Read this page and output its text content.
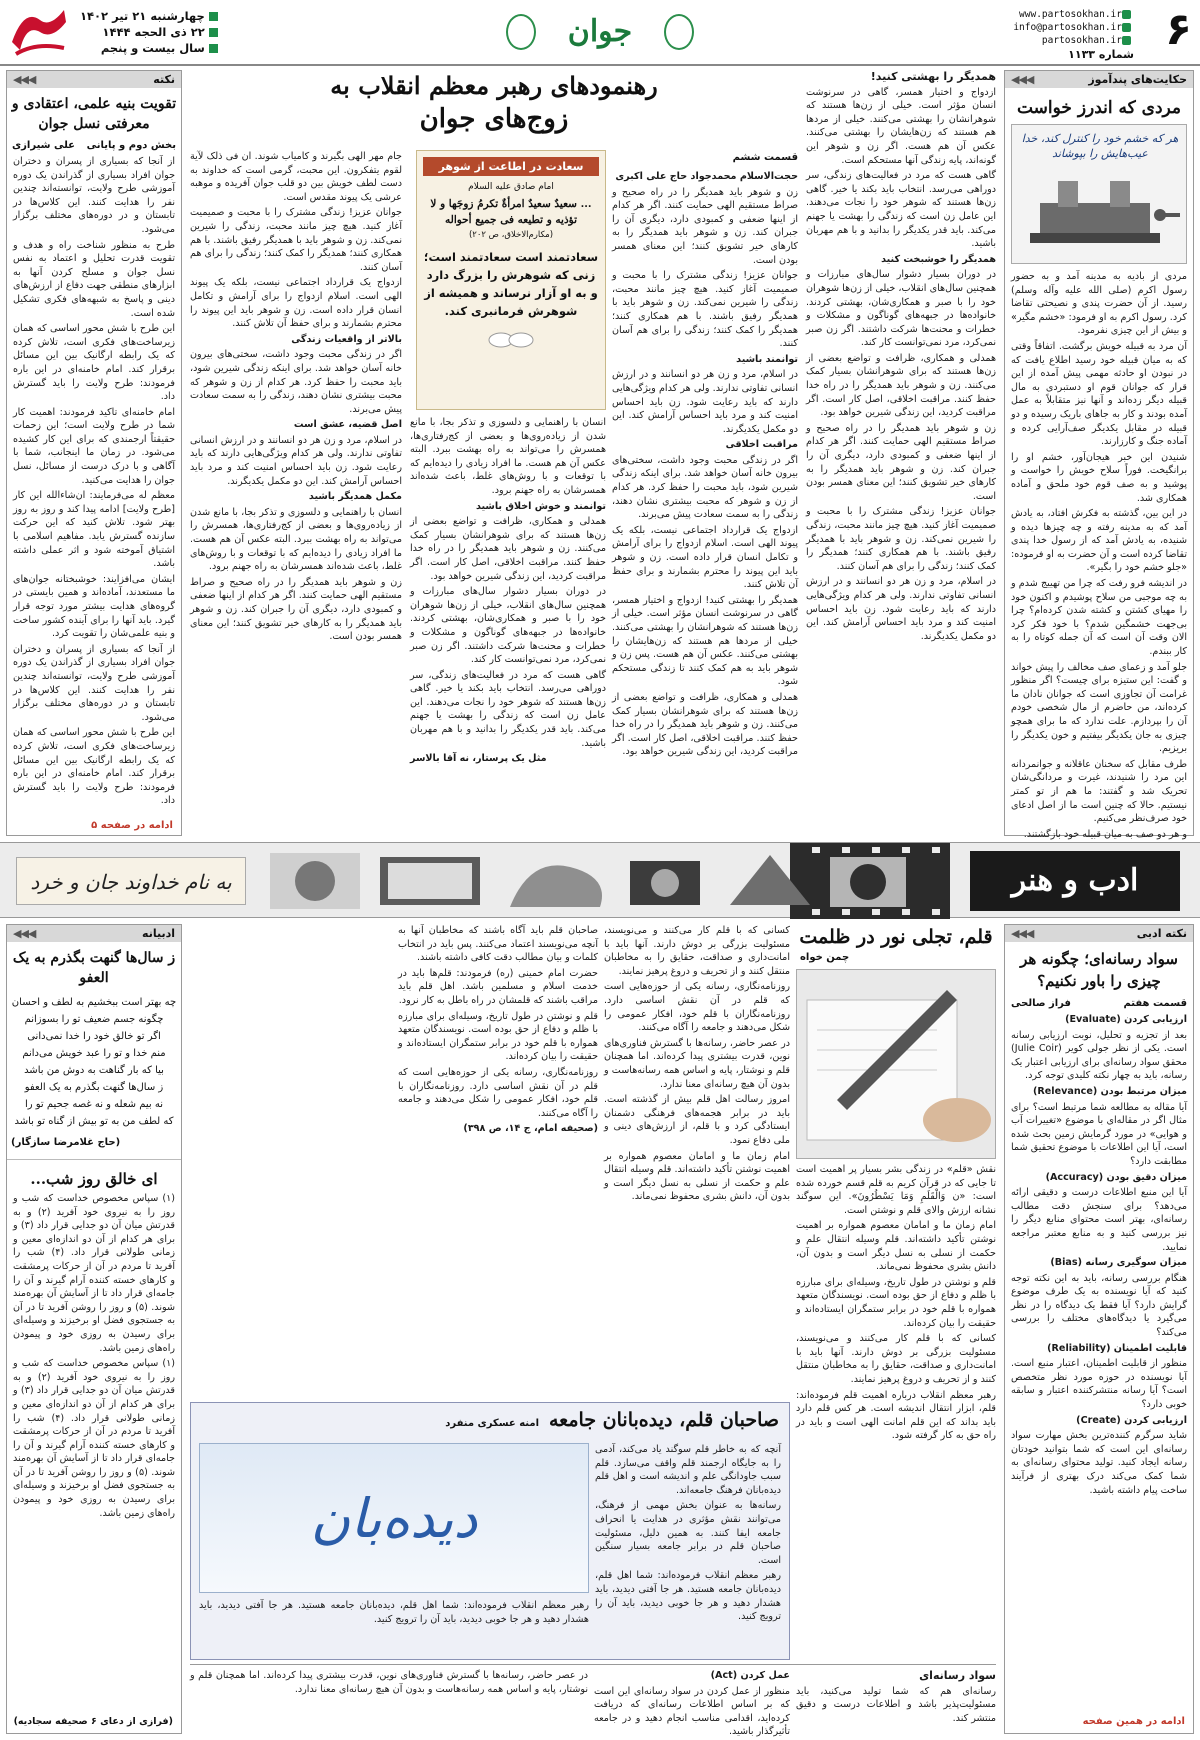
۶
www.partosokhan.ir
info@partosokhan.ir
partosokhan.ir
شماره ۱۱۳۳
جوان
چهارشنبه ۲۱ تیر ۱۴۰۲
۲۲ ذی الحجه ۱۴۴۴
سال بیست و پنجم
حکایت‌های پندآموز
◀◀◀
مردی که اندرز خواست
هر که خشم خود را کنترل کند، خدا عیب‌هایش را بپوشاند

مردی از بادیه به مدینه آمد و به حضور رسول اکرم (صلی الله علیه وآله وسلم) رسید. از آن حضرت پندی و نصیحتی تقاضا کرد. رسول اکرم به او فرمود: «خشم مگیر» و بیش از این چیزی نفرمود.

آن مرد به قبیله خویش برگشت. اتفاقاً وقتی که به میان قبیله خود رسید اطلاع یافت که در نبودن او حادثه مهمی پیش آمده از این قرار که جوانان قوم او دستبردی به مال قبیله دیگر زده‌اند و آنها نیز متقابلاً به عمل آمده بودند و کار به جاهای باریک رسیده و دو قبیله در مقابل یکدیگر صف‌آرایی کرده و آماده جنگ و کارزارند.

شنیدن این خبر هیجان‌آور، خشم او را برانگیخت. فوراً سلاح خویش را خواست و پوشید و به صف قوم خود ملحق و آماده همکاری شد.

در این بین، گذشته به فکرش افتاد، به یادش آمد که به مدینه رفته و چه چیزها دیده و شنیده، به یادش آمد که از رسول خدا پندی تقاضا کرده است و آن حضرت به او فرموده: «جلو خشم خود را بگیر».

در اندیشه فرو رفت که چرا من تهییج شدم و به چه موجبی من سلاح پوشیدم و اکنون خود را مهیای کشتن و کشته شدن کرده‌ام؟ چرا بی‌جهت خشمگین شدم؟ با خود فکر کرد الان وقت آن است که آن جمله کوتاه را به کار ببندم.

جلو آمد و زعمای صف مخالف را پیش خواند و گفت: این ستیزه برای چیست؟ اگر منظور غرامت آن تجاوزی است که جوانان نادان ما کرده‌اند، من حاضرم از مال شخصی خودم آن را بپردازم. علت ندارد که ما برای همچو چیزی به جان یکدیگر بیفتیم و خون یکدیگر را بریزیم.

طرف مقابل که سخنان عاقلانه و جوانمردانه این مرد را شنیدند، غیرت و مردانگی‌شان تحریک شد و گفتند: ما هم از تو کمتر نیستیم. حالا که چنین است ما از اصل ادعای خود صرف‌نظر می‌کنیم.

و هر دو صف به میان قبیله خود بازگشتند.

همدیگر را بهشتی کنید!

ازدواج و اختیار همسر، گاهی در سرنوشت انسان مؤثر است. خیلی از زن‌ها هستند که شوهرانشان را بهشتی می‌کنند. خیلی از مردها هم هستند که زن‌هایشان را بهشتی می‌کنند. عکس آن هم هست. اگر زن و شوهر این گونه‌اند، پایه زندگی آنها مستحکم است.

گاهی هست که مرد در فعالیت‌های زندگی، سر دوراهی می‌رسد. انتخاب باید بکند یا خیر. گاهی زن‌ها هستند که شوهر خود را نجات می‌دهند. این عامل زن است که زندگی را بهشت یا جهنم می‌کند. باید قدر یکدیگر را بدانید و با هم مهربان باشید.

همدیگر را خوشبخت کنید

در دوران بسیار دشوار سال‌های مبارزات و همچنین سال‌های انقلاب، خیلی از زن‌ها شوهران خود را با صبر و همکاری‌شان، بهشتی کردند. خانواده‌ها در جبهه‌های گوناگون و مشکلات و خطرات و محنت‌ها شرکت داشتند. اگر زن صبر نمی‌کرد، مرد نمی‌توانست کار کند.

همدلی و همکاری، ظرافت و تواضع بعضی از زن‌ها هستند که برای شوهرانشان بسیار کمک می‌کنند. زن و شوهر باید همدیگر را در راه خدا حفظ کنند. مراقبت اخلاقی، اصل کار است. اگر مراقبت کردید، این زندگی شیرین خواهد بود.

زن و شوهر باید همدیگر را در راه صحیح و صراط مستقیم الهی حمایت کنند. اگر هر کدام از اینها ضعفی و کمبودی دارد، دیگری آن را جبران کند. زن و شوهر باید همدیگر را به کارهای خیر تشویق کنند؛ این معنای همسر بودن است.

جوانان عزیز! زندگی مشترک را با محبت و صمیمیت آغاز کنید. هیچ چیز مانند محبت، زندگی را شیرین نمی‌کند. زن و شوهر باید با همدیگر رفیق باشند. با هم همکاری کنند؛ همدیگر را کمک کنند؛ زندگی را برای هم آسان کنند.

در اسلام، مرد و زن هر دو انسانند و در ارزش انسانی تفاوتی ندارند. ولی هر کدام ویژگی‌هایی دارند که باید رعایت شود. زن باید احساس امنیت کند و مرد باید احساس آرامش کند. این دو مکمل یکدیگرند.

رهنمودهای رهبر معظم انقلاب به
زوج‌های جوان
قسمت ششم
سعادت در اطاعت از شوهر
امام صادق علیه السلام
... سعیدٌ سعیدٌ امرأةٌ تکرمُ زوجَها و لا تؤذیه و تطیعه فی جمیع أحواله
(مکارم‌الاخلاق، ص ۲۰۲)
سعادتمند است سعادتمند است؛ زنی که شوهرش را بزرگ دارد و به او آزار نرساند و همیشه از شوهرش فرمانبری کند.

حجت‌الاسلام محمدجواد حاج علی اکبری

زن و شوهر باید همدیگر را در راه صحیح و صراط مستقیم الهی حمایت کنند. اگر هر کدام از اینها ضعفی و کمبودی دارد، دیگری آن را جبران کند. زن و شوهر باید همدیگر را به کارهای خیر تشویق کنند؛ این معنای همسر بودن است.

جوانان عزیز! زندگی مشترک را با محبت و صمیمیت آغاز کنید. هیچ چیز مانند محبت، زندگی را شیرین نمی‌کند. زن و شوهر باید با همدیگر رفیق باشند. با هم همکاری کنند؛ همدیگر را کمک کنند؛ زندگی را برای هم آسان کنند.

توانمند باشید

در اسلام، مرد و زن هر دو انسانند و در ارزش انسانی تفاوتی ندارند. ولی هر کدام ویژگی‌هایی دارند که باید رعایت شود. زن باید احساس امنیت کند و مرد باید احساس آرامش کند. این دو مکمل یکدیگرند.

مراقبت اخلاقی

اگر در زندگی محبت وجود داشت، سختی‌های بیرون خانه آسان خواهد شد. برای اینکه زندگی شیرین شود، باید محبت را حفظ کرد. هر کدام از زن و شوهر که محبت بیشتری نشان دهند، زندگی را به سمت سعادت پیش می‌برند.

ازدواج یک قرارداد اجتماعی نیست، بلکه یک پیوند الهی است. اسلام ازدواج را برای آرامش و تکامل انسان قرار داده است. زن و شوهر باید این پیوند را محترم بشمارند و برای حفظ آن تلاش کنند.

همدیگر را بهشتی کنید! ازدواج و اختیار همسر، گاهی در سرنوشت انسان مؤثر است. خیلی از زن‌ها هستند که شوهرانشان را بهشتی می‌کنند. خیلی از مردها هم هستند که زن‌هایشان را بهشتی می‌کنند. عکس آن هم هست. پس زن و شوهر باید به هم کمک کنند تا زندگی مستحکم شود.

همدلی و همکاری، ظرافت و تواضع بعضی از زن‌ها هستند که برای شوهرانشان بسیار کمک می‌کنند. زن و شوهر باید همدیگر را در راه خدا حفظ کنند. مراقبت اخلاقی، اصل کار است. اگر مراقبت کردید، این زندگی شیرین خواهد بود.

انسان با راهنمایی و دلسوزی و تذکر بجا، با مانع شدن از زیاده‌روی‌ها و بعضی از کج‌رفتاری‌ها، همسرش را می‌تواند به راه بهشت ببرد. البته عکس آن هم هست. ما افراد زیادی را دیده‌ایم که با توقعات و با روش‌های غلط، باعث شده‌اند همسرشان به راه جهنم برود.

توانمند و خوش اخلاق باشید

همدلی و همکاری، ظرافت و تواضع بعضی از زن‌ها هستند که برای شوهرانشان بسیار کمک می‌کنند. زن و شوهر باید همدیگر را در راه خدا حفظ کنند. مراقبت اخلاقی، اصل کار است. اگر مراقبت کردید، این زندگی شیرین خواهد بود.

در دوران بسیار دشوار سال‌های مبارزات و همچنین سال‌های انقلاب، خیلی از زن‌ها شوهران خود را با صبر و همکاری‌شان، بهشتی کردند. خانواده‌ها در جبهه‌های گوناگون و مشکلات و خطرات و محنت‌ها شرکت داشتند. اگر زن صبر نمی‌کرد، مرد نمی‌توانست کار کند.

گاهی هست که مرد در فعالیت‌های زندگی، سر دوراهی می‌رسد. انتخاب باید بکند یا خیر. گاهی زن‌ها هستند که شوهر خود را نجات می‌دهند. این عامل زن است که زندگی را بهشت یا جهنم می‌کند. باید قدر یکدیگر را بدانید و با هم مهربان باشید.

مثل یک پرستار، نه آقا بالاسر

جام مهر الهی بگیرند و کامیاب شوند. ان فی ذلک لآیة لقوم یتفکرون. این محبت، گرمی است که خداوند به دست لطف خویش بین دو قلب جوان آفریده و موهبه عرشی یک پیوند مقدس است.

جوانان عزیز! زندگی مشترک را با محبت و صمیمیت آغاز کنید. هیچ چیز مانند محبت، زندگی را شیرین نمی‌کند. زن و شوهر باید با همدیگر رفیق باشند. با هم همکاری کنند؛ همدیگر را کمک کنند؛ زندگی را برای هم آسان کنند.

ازدواج یک قرارداد اجتماعی نیست، بلکه یک پیوند الهی است. اسلام ازدواج را برای آرامش و تکامل انسان قرار داده است. زن و شوهر باید این پیوند را محترم بشمارند و برای حفظ آن تلاش کنند.

بالاتر از واقعیات زندگی

اگر در زندگی محبت وجود داشت، سختی‌های بیرون خانه آسان خواهد شد. برای اینکه زندگی شیرین شود، باید محبت را حفظ کرد. هر کدام از زن و شوهر که محبت بیشتری نشان دهند، زندگی را به سمت سعادت پیش می‌برند.

اصل قضیه، عشق است

در اسلام، مرد و زن هر دو انسانند و در ارزش انسانی تفاوتی ندارند. ولی هر کدام ویژگی‌هایی دارند که باید رعایت شود. زن باید احساس امنیت کند و مرد باید احساس آرامش کند. این دو مکمل یکدیگرند.

مکمل همدیگر باشید

انسان با راهنمایی و دلسوزی و تذکر بجا، با مانع شدن از زیاده‌روی‌ها و بعضی از کج‌رفتاری‌ها، همسرش را می‌تواند به راه بهشت ببرد. البته عکس آن هم هست. ما افراد زیادی را دیده‌ایم که با توقعات و با روش‌های غلط، باعث شده‌اند همسرشان به راه جهنم برود.

زن و شوهر باید همدیگر را در راه صحیح و صراط مستقیم الهی حمایت کنند. اگر هر کدام از اینها ضعفی و کمبودی دارد، دیگری آن را جبران کند. زن و شوهر باید همدیگر را به کارهای خیر تشویق کنند؛ این معنای همسر بودن است.

نکته
◀◀◀
تقویت بنیه علمی، اعتقادی و معرفتی نسل جوان
بخش دوم و پایانی
علی شیرازی

از آنجا که بسیاری از پسران و دختران جوان افراد بسیاری از گذراندن یک دوره آموزشی طرح ولایت، توانسته‌اند چندین نفر را هدایت کنند. این کلاس‌ها در تابستان و در دوره‌های مختلف برگزار می‌شود.

طرح به منظور شناخت راه و هدف و تقویت قدرت تحلیل و اعتماد به نفس نسل جوان و مسلح کردن آنها به ابزارهای منطقی جهت دفاع از ارزش‌های دینی و پاسخ به شبهه‌های فکری تشکیل شده است.

این طرح با شش محور اساسی که همان زیرساخت‌های فکری است، تلاش کرده که یک رابطه ارگانیک بین این مسائل برقرار کند. امام خامنه‌ای در این باره فرمودند: طرح ولایت را باید گسترش داد.

امام خامنه‌ای تاکید فرمودند: اهمیت کار شما در طرح ولایت است؛ این زحمات حقیقتاً ارجمندی که برای این کار کشیده می‌شود. در زمان ما اینجانب، شما با آگاهی و با درک درست از مسائل، نسل جوان را هدایت می‌کنید.

معظم له می‌فرمایند: ان‌شاءالله این کار [طرح ولایت] ادامه پیدا کند و روز به روز بهتر شود. تلاش کنید که این حرکت سازنده گسترش یابد. مفاهیم اسلامی با اشتیاق آموخته شود و اثر عملی داشته باشد.

ایشان می‌افزایند: خوشبختانه جوان‌های ما مستعدند، آماده‌اند و همین بایستی در گروه‌های هدایت بیشتر مورد توجه قرار گیرد. باید آنها را برای آینده کشور ساخت و بنیه علمی‌شان را تقویت کرد.

از آنجا که بسیاری از پسران و دختران جوان افراد بسیاری از گذراندن یک دوره آموزشی طرح ولایت، توانسته‌اند چندین نفر را هدایت کنند. این کلاس‌ها در تابستان و در دوره‌های مختلف برگزار می‌شود.

این طرح با شش محور اساسی که همان زیرساخت‌های فکری است، تلاش کرده که یک رابطه ارگانیک بین این مسائل برقرار کند. امام خامنه‌ای در این باره فرمودند: طرح ولایت را باید گسترش داد.

ادامه در صفحه ۵
ادب و هنر
به نام خداوند جان و خرد
نکته ادبی
◀◀◀
سواد رسانه‌ای؛ چگونه هر چیزی را باور نکنیم؟
قسمت هفتم
فراز صالحی

ارزیابی کردن (Evaluate)

بعد از تجزیه و تحلیل، نوبت ارزیابی رسانه است. یکی از نظر جولی کویر (Julie Coir) محقق سواد رسانه‌ای برای ارزیابی اعتبار یک رسانه، باید به چهار نکته کلیدی توجه کرد.

میزان مرتبط بودن (Relevance)

آیا مقاله به مطالعه شما مرتبط است؟ برای مثال اگر در مقاله‌ای با موضوع «تغییرات آب و هوایی» در مورد گرمایش زمین بحث شده است، آیا این اطلاعات با موضوع تحقیق شما مطابقت دارد؟

میزان دقیق بودن (Accuracy)

آیا این منبع اطلاعات درست و دقیقی ارائه می‌دهد؟ برای سنجش دقت مطالب رسانه‌ای، بهتر است محتوای منابع دیگر را نیز بررسی کنید و به منابع معتبر مراجعه نمایید.

میزان سوگیری رسانه (Bias)

هنگام بررسی رسانه، باید به این نکته توجه کنید که آیا نویسنده به یک طرف موضوع گرایش دارد؟ آیا فقط یک دیدگاه را در نظر می‌گیرد یا دیدگاه‌های مختلف را بررسی می‌کند؟

قابلیت اطمینان (Reliability)

منظور از قابلیت اطمینان، اعتبار منبع است. آیا نویسنده در حوزه مورد نظر متخصص است؟ آیا رسانه منتشرکننده اعتبار و سابقه خوبی دارد؟

ارزیابی کردن (Create)

شاید سرگرم کننده‌ترین بخش مهارت سواد رسانه‌ای این است که شما بتوانید خودتان رسانه ایجاد کنید. تولید محتوای رسانه‌ای به شما کمک می‌کند درک بهتری از فرآیند ساخت پیام داشته باشید.

ادامه در همین صفحه
قلم، تجلی نور در ظلمت
چمن خواه

نقش «قلم» در زندگی بشر بسیار پر اهمیت است تا جایی که در قرآن کریم به قلم قسم خورده شده است: «ن وَالْقَلَمِ وَمَا يَسْطُرُونَ». این سوگند نشانه ارزش والای قلم و نوشتن است.

امام زمان ما و امامان معصوم همواره بر اهمیت نوشتن تأکید داشته‌اند. قلم وسیله انتقال علم و حکمت از نسلی به نسل دیگر است و بدون آن، دانش بشری محفوظ نمی‌ماند.

قلم و نوشتن در طول تاریخ، وسیله‌ای برای مبارزه با ظلم و دفاع از حق بوده است. نویسندگان متعهد همواره با قلم خود در برابر ستمگران ایستاده‌اند و حقیقت را بیان کرده‌اند.

کسانی که با قلم کار می‌کنند و می‌نویسند، مسئولیت بزرگی بر دوش دارند. آنها باید با امانت‌داری و صداقت، حقایق را به مخاطبان منتقل کنند و از تحریف و دروغ پرهیز نمایند.

رهبر معظم انقلاب درباره اهمیت قلم فرموده‌اند: قلم، ابزار انتقال اندیشه است. هر کس قلم دارد باید بداند که این قلم امانت الهی است و باید در راه حق به کار گرفته شود.

کسانی که با قلم کار می‌کنند و می‌نویسند، مسئولیت بزرگی بر دوش دارند. آنها باید با امانت‌داری و صداقت، حقایق را به مخاطبان منتقل کنند و از تحریف و دروغ پرهیز نمایند.

روزنامه‌نگاری، رسانه یکی از حوزه‌هایی است که قلم در آن نقش اساسی دارد. روزنامه‌نگاران با قلم خود، افکار عمومی را شکل می‌دهند و جامعه را آگاه می‌کنند.

در عصر حاضر، رسانه‌ها با گسترش فناوری‌های نوین، قدرت بیشتری پیدا کرده‌اند. اما همچنان قلم و نوشتار، پایه و اساس همه رسانه‌هاست و بدون آن هیچ رسانه‌ای معنا ندارد.

امروز رسالت اهل قلم بیش از گذشته است. باید در برابر هجمه‌های فرهنگی دشمنان ایستادگی کرد و با قلم، از ارزش‌های دینی و ملی دفاع نمود.

امام زمان ما و امامان معصوم همواره بر اهمیت نوشتن تأکید داشته‌اند. قلم وسیله انتقال علم و حکمت از نسلی به نسل دیگر است و بدون آن، دانش بشری محفوظ نمی‌ماند.

صاحبان قلم باید آگاه باشند که مخاطبان آنها به آنچه می‌نویسند اعتماد می‌کنند. پس باید در انتخاب کلمات و بیان مطالب دقت کافی داشته باشند.

حضرت امام خمینی (ره) فرمودند: قلم‌ها باید در خدمت اسلام و مسلمین باشد. اهل قلم باید مراقب باشند که قلمشان در راه باطل به کار نرود.

قلم و نوشتن در طول تاریخ، وسیله‌ای برای مبارزه با ظلم و دفاع از حق بوده است. نویسندگان متعهد همواره با قلم خود در برابر ستمگران ایستاده‌اند و حقیقت را بیان کرده‌اند.

روزنامه‌نگاری، رسانه یکی از حوزه‌هایی است که قلم در آن نقش اساسی دارد. روزنامه‌نگاران با قلم خود، افکار عمومی را شکل می‌دهند و جامعه را آگاه می‌کنند.

(صحیفه امام، ج ۱۴، ص ۳۹۸)

صاحبان قلم، دیده‌بانان جامعه
امنه عسکری منفرد

آنچه که به خاطر قلم سوگند یاد می‌کند، آدمی را به جایگاه ارجمند قلم واقف می‌سازد. قلم سبب جاودانگی علم و اندیشه است و اهل قلم دیده‌بانان فرهنگ جامعه‌اند.

رسانه‌ها به عنوان بخش مهمی از فرهنگ، می‌توانند نقش مؤثری در هدایت یا انحراف جامعه ایفا کنند. به همین دلیل، مسئولیت صاحبان قلم در برابر جامعه بسیار سنگین است.

رهبر معظم انقلاب فرموده‌اند: شما اهل قلم، دیده‌بانان جامعه هستید. هر جا آفتی دیدید، باید هشدار دهید و هر جا خوبی دیدید، باید آن را ترویج کنید.

دیده‌بان

رهبر معظم انقلاب فرموده‌اند: شما اهل قلم، دیده‌بانان جامعه هستید. هر جا آفتی دیدید، باید هشدار دهید و هر جا خوبی دیدید، باید آن را ترویج کنید.

سواد رسانه‌ای

رسانه‌ای هم که شما تولید می‌کنید، باید مسئولیت‌پذیر باشد و اطلاعات درست و دقیق منتشر کند.

عمل کردن (Act)

منظور از عمل کردن در سواد رسانه‌ای این است که بر اساس اطلاعات رسانه‌ای که دریافت کرده‌اید، اقدامی مناسب انجام دهید و در جامعه تأثیرگذار باشید.

در عصر حاضر، رسانه‌ها با گسترش فناوری‌های نوین، قدرت بیشتری پیدا کرده‌اند. اما همچنان قلم و نوشتار، پایه و اساس همه رسانه‌هاست و بدون آن هیچ رسانه‌ای معنا ندارد.

ادبیانه
◀◀◀
ز سال‌ها گنهت بگذرم به یک العفو
چه بهتر است ببخشیم به لطف و احسان
چگونه جسم ضعیف تو را بسوزانم
اگر تو خالق خود را خدا نمی‌دانی
منم خدا و تو را عبد خویش می‌دانم
بیا که بار گناهت به دوش من باشد
ز سال‌ها گنهت بگذرم به یک العفو
نه بیم شعله و نه غصه جحیم تو را
که لطف من به تو بیش از گناه تو باشد
(حاج غلامرضا سازگار)
ای خالق روز شب...

(۱) سپاس مخصوص خداست که شب و روز را به نیروی خود آفرید (۲) و به قدرتش میان آن دو جدایی قرار داد (۳) و برای هر کدام از آن دو اندازه‌ای معین و زمانی طولانی قرار داد. (۴) شب را آفرید تا مردم در آن از حرکات پرمشقت و کارهای خسته کننده آرام گیرند و آن را جامه‌ای قرار داد تا از آسایش آن بهره‌مند شوند. (۵) و روز را روشن آفرید تا در آن به جستجوی فضل او برخیزند و وسیله‌ای برای رسیدن به روزی خود و پیمودن راه‌های زمین باشد.

(۱) سپاس مخصوص خداست که شب و روز را به نیروی خود آفرید (۲) و به قدرتش میان آن دو جدایی قرار داد (۳) و برای هر کدام از آن دو اندازه‌ای معین و زمانی طولانی قرار داد. (۴) شب را آفرید تا مردم در آن از حرکات پرمشقت و کارهای خسته کننده آرام گیرند و آن را جامه‌ای قرار داد تا از آسایش آن بهره‌مند شوند. (۵) و روز را روشن آفرید تا در آن به جستجوی فضل او برخیزند و وسیله‌ای برای رسیدن به روزی خود و پیمودن راه‌های زمین باشد.

(فرازی از دعای ۶ صحیفه سجادیه)
